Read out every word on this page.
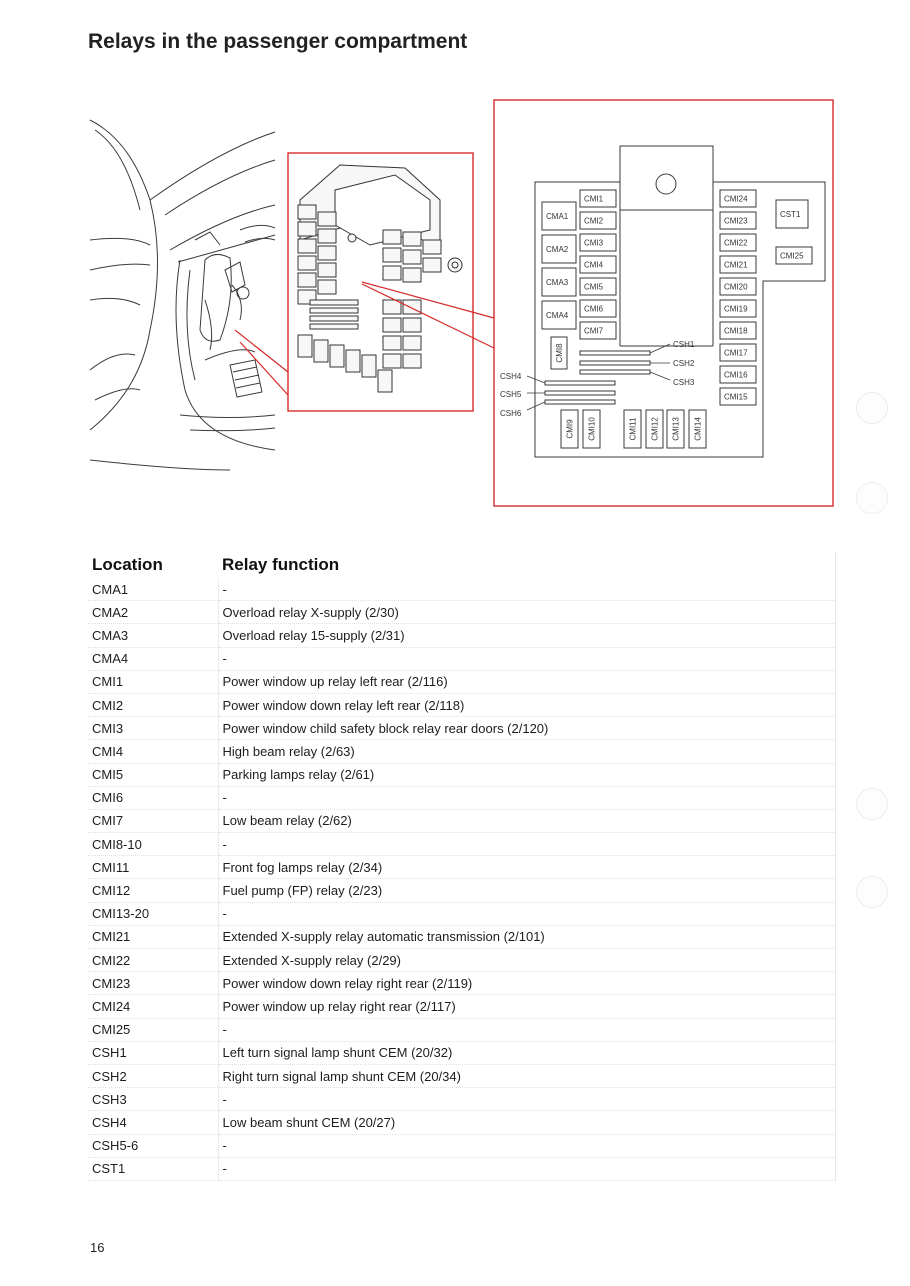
Relays in the passenger compartment
CMA1
CMA2
CMA3
CMA4
CMI1
CMI2
CMI3
CMI4
CMI5
CMI6
CMI7
CMI24
CMI23
CMI22
CMI21
CMI20
CMI19
CMI18
CMI17
CMI16
CMI15
CMI8
CST1
CMI25
CMI9 CMI10	CMI11 CMI12 CMI13 CMI14
CSH1
CSH2
CSH3
CSH4
CSH5
CSH6
Location	Relay function
CMA1	-
CMA2	Overload relay X-supply (2/30)
CMA3	Overload relay 15-supply (2/31)
CMA4	-
CMI1	Power window up relay left rear (2/116)
CMI2	Power window down relay left rear (2/118)
CMI3	Power window child safety block relay rear doors (2/120)
CMI4	High beam relay (2/63)
CMI5	Parking lamps relay (2/61)
CMI6	-
CMI7	Low beam relay (2/62)
CMI8-10	-
CMI11	Front fog lamps relay (2/34)
CMI12	Fuel pump (FP) relay (2/23)
CMI13-20	-
CMI21	Extended X-supply relay automatic transmission (2/101)
CMI22	Extended X-supply relay (2/29)
CMI23	Power window down relay right rear (2/119)
CMI24	Power window up relay right rear (2/117)
CMI25	-
CSH1	Left turn signal lamp shunt CEM (20/32)
CSH2	Right turn signal lamp shunt CEM (20/34)
CSH3	-
CSH4	Low beam shunt CEM (20/27)
CSH5-6	-
CST1	-
16
